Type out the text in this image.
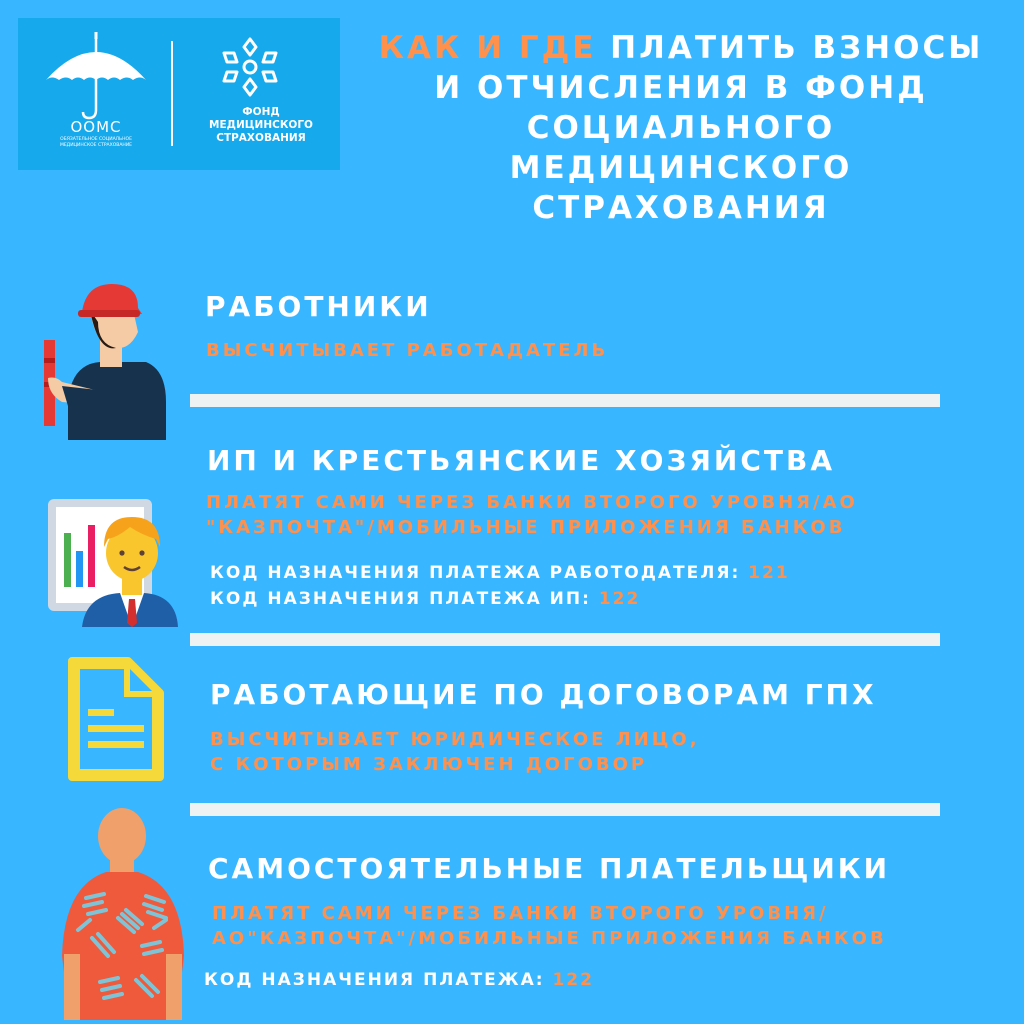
ООМС
ОБЯЗАТЕЛЬНОЕ СОЦИАЛЬНОЕ МЕДИЦИНСКОЕ СТРАХОВАНИЕ
ФОНД
МЕДИЦИНСКОГО
СТРАХОВАНИЯ
КАК И ГДЕ ПЛАТИТЬ ВЗНОСЫ
И ОТЧИСЛЕНИЯ В ФОНД
СОЦИАЛЬНОГО
МЕДИЦИНСКОГО
СТРАХОВАНИЯ
РАБОТНИКИ
ВЫСЧИТЫВАЕТ РАБОТАДАТЕЛЬ
ИП И КРЕСТЬЯНСКИЕ ХОЗЯЙСТВА
ПЛАТЯТ САМИ ЧЕРЕЗ БАНКИ ВТОРОГО УРОВНЯ/АО
"КАЗПОЧТА"/МОБИЛЬНЫЕ ПРИЛОЖЕНИЯ БАНКОВ
КОД НАЗНАЧЕНИЯ ПЛАТЕЖА РАБОТОДАТЕЛЯ: 121
КОД НАЗНАЧЕНИЯ ПЛАТЕЖА ИП: 122
РАБОТАЮЩИЕ ПО ДОГОВОРАМ ГПХ
ВЫСЧИТЫВАЕТ ЮРИДИЧЕСКОЕ ЛИЦО,
С КОТОРЫМ ЗАКЛЮЧЕН ДОГОВОР
САМОСТОЯТЕЛЬНЫЕ ПЛАТЕЛЬЩИКИ
ПЛАТЯТ САМИ ЧЕРЕЗ БАНКИ ВТОРОГО УРОВНЯ/
АО"КАЗПОЧТА"/МОБИЛЬНЫЕ ПРИЛОЖЕНИЯ БАНКОВ
КОД НАЗНАЧЕНИЯ ПЛАТЕЖА: 122
